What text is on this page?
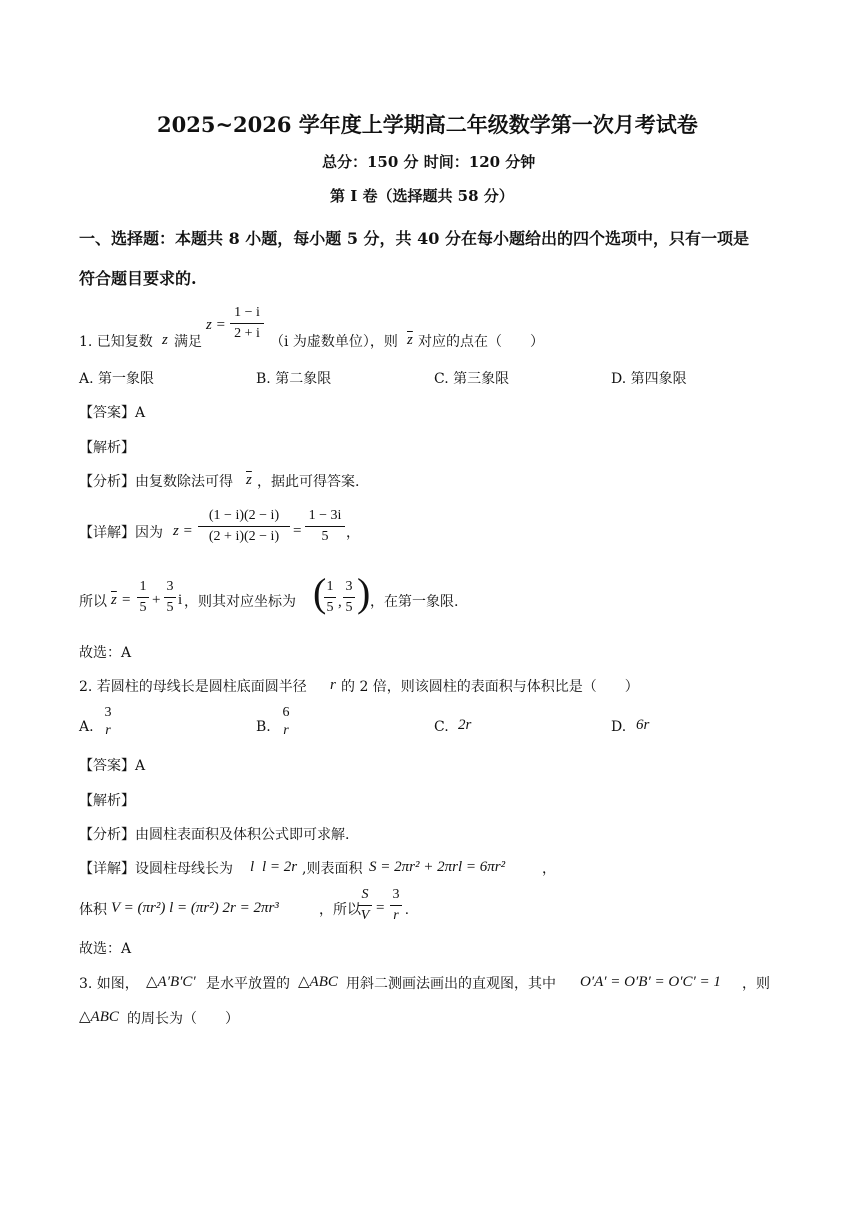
2025~2026 学年度上学期高二年级数学第一次月考试卷
总分：150 分 时间：120 分钟
第 I 卷（选择题共 58 分）
一、选择题：本题共 8 小题，每小题 5 分，共 40 分在每小题给出的四个选项中，只有一项是
符合题目要求的.
1. 已知复数 z 满足
z =
1 − i
2 + i
（i 为虚数单位），则 $\overline{z}$ 对应的点在（　　）
A. 第一象限	B. 第二象限	C. 第三象限	D. 第四象限
【答案】A
【解析】
【分析】由复数除法可得 $\overline{z}$ ，据此可得答案.
【详解】因为 z =
(1 − i)(2 − i)
(2 + i)(2 − i) =
1 − 3i
5 ，
所以 $\overline{z}$ =
1
5 +
3
5 i ，则其对应坐标为 ( 1
5 ,
3
5 ) ，在第一象限.
故选：A
2. 若圆柱的母线长是圆柱底面圆半径 r 的 2 倍，则该圆柱的表面积与体积比是（　　）
A.
3
r	B.
6
r	C. 2r	D. 6r
【答案】A
【解析】
【分析】由圆柱表面积及体积公式即可求解.
【详解】设圆柱母线长为 l l = 2r ,则表面积 S = 2πr² + 2πrl = 6πr²	，
体积 V = (πr²) l = (πr²) 2r = 2πr³	，所以
S
V =
3
r .
故选：A
3. 如图， △A′B′C′ 是水平放置的 △ABC 用斜二测画法画出的直观图，其中 O′A′ = O′B′ = O′C′ = 1 ，则
△ABC 的周长为（　　）
